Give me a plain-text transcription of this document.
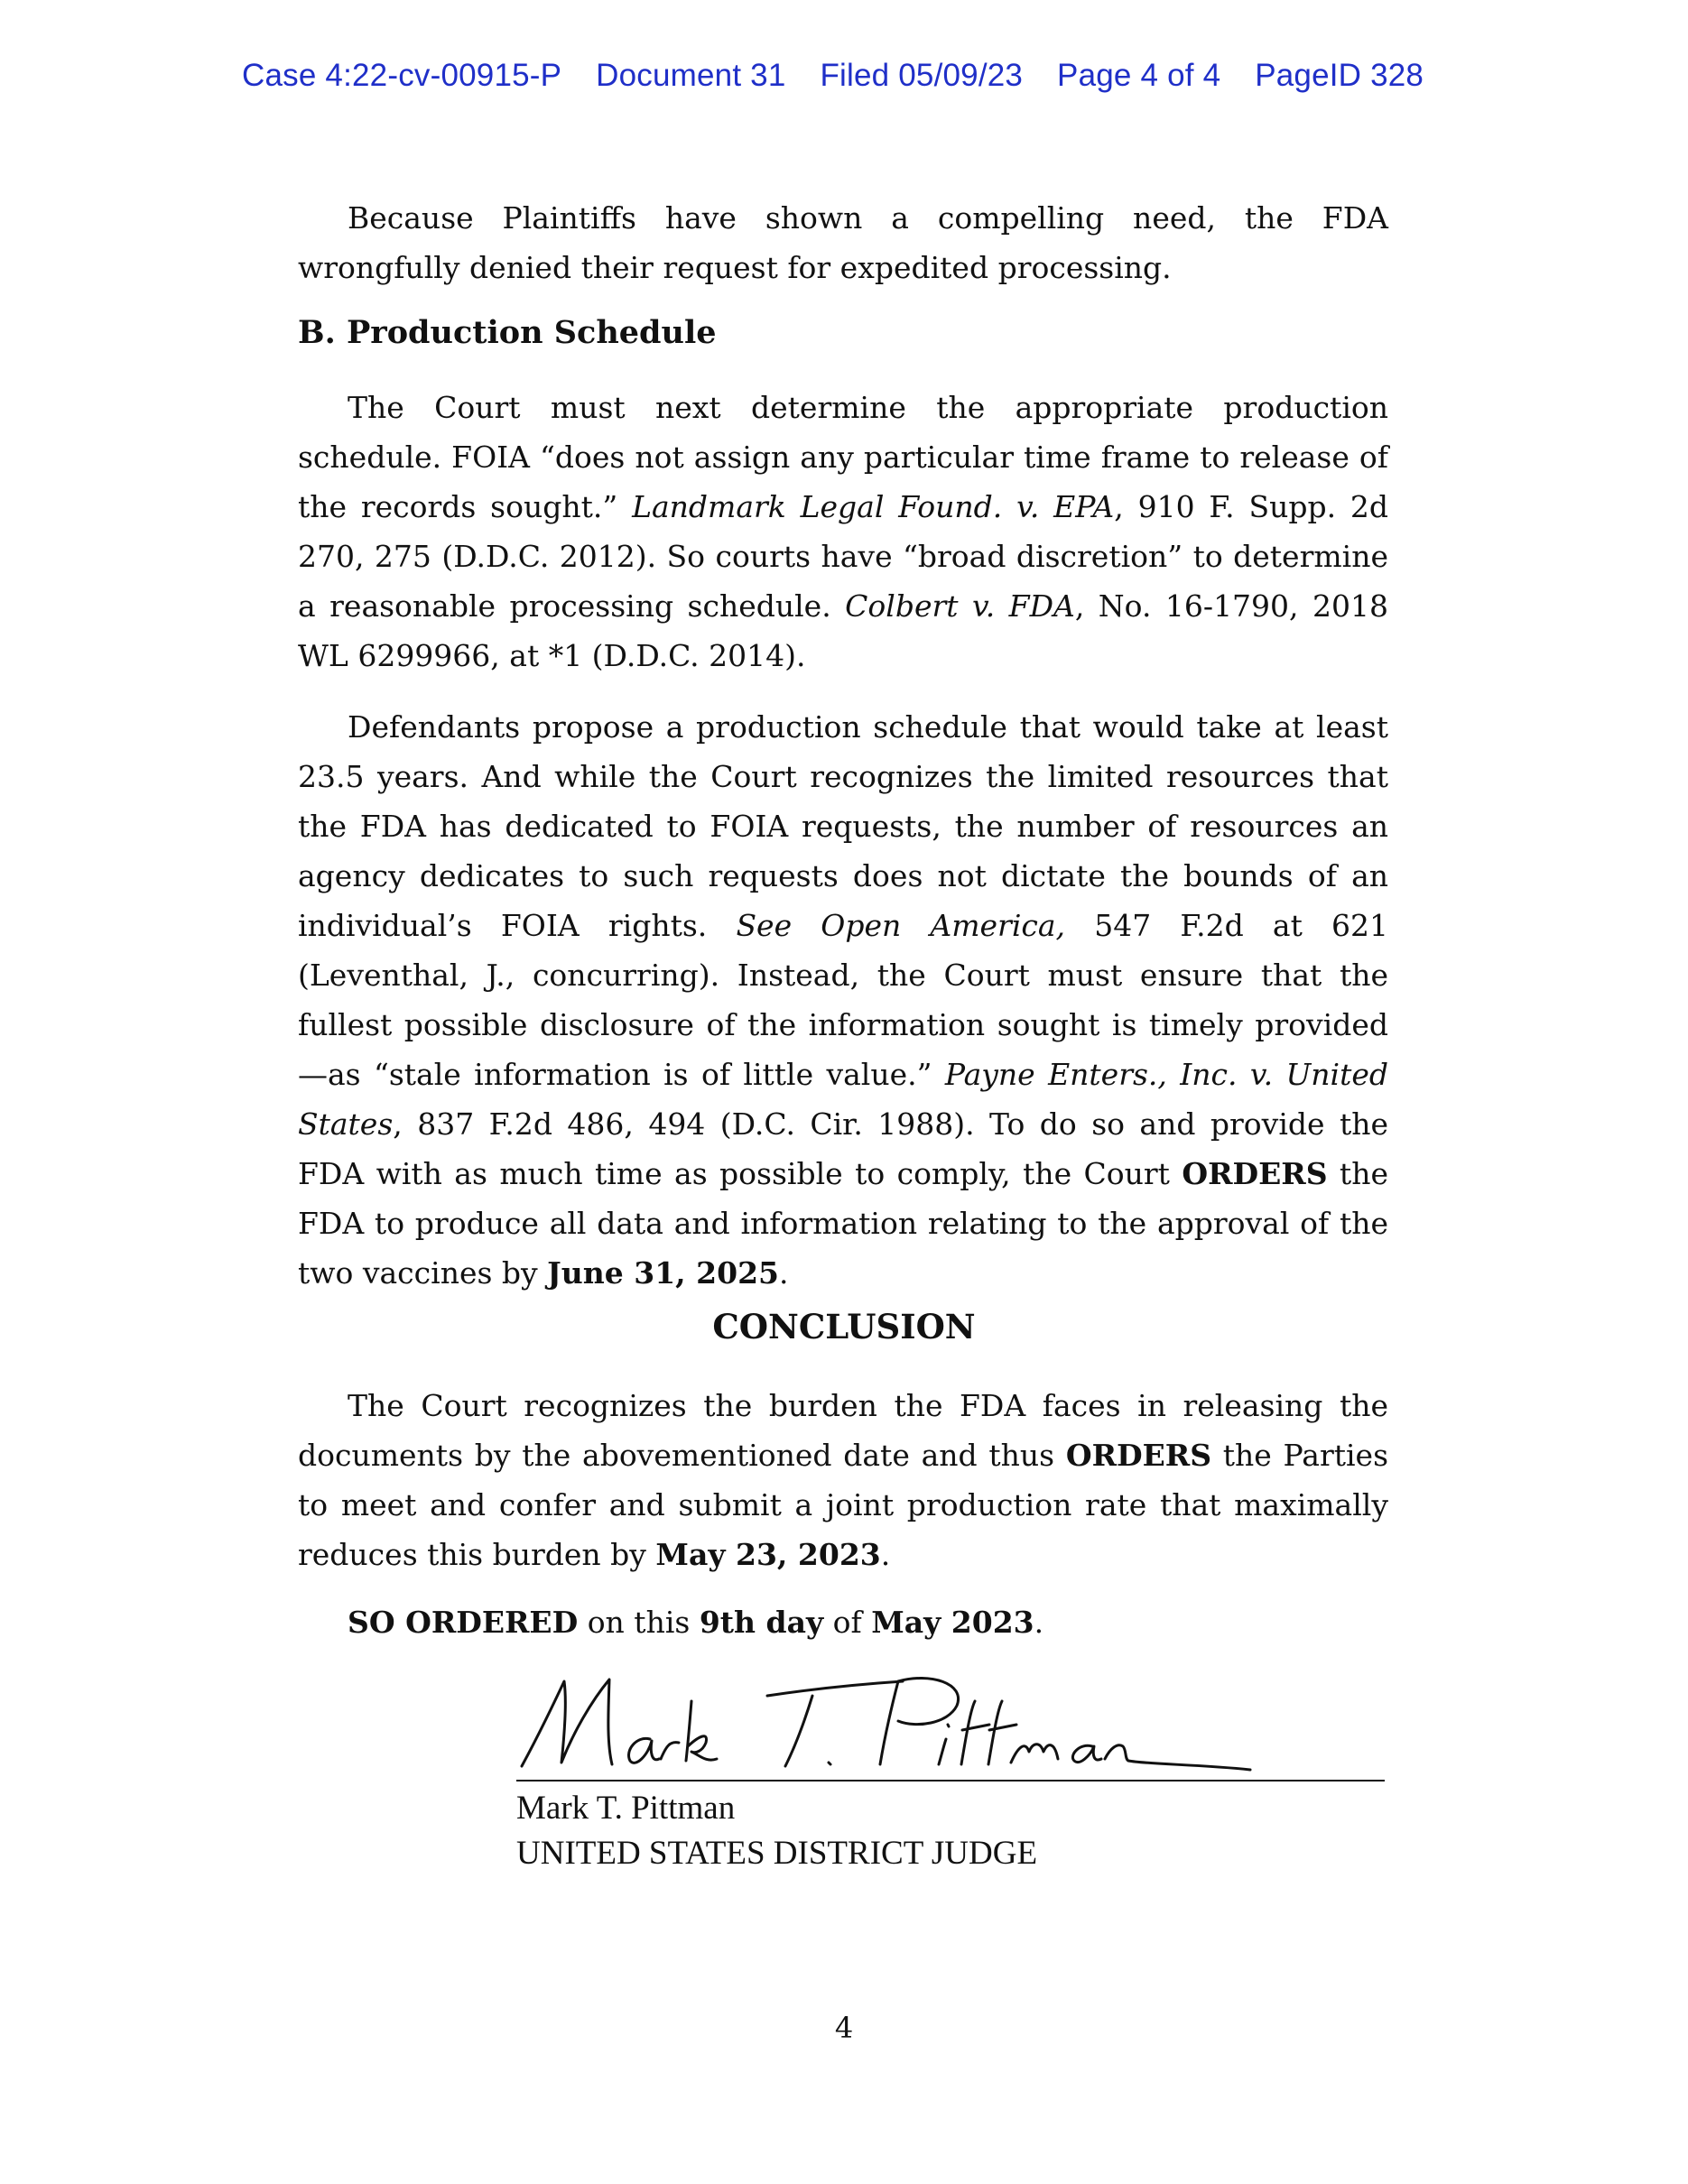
Case 4:22-cv-00915-P Document 31 Filed 05/09/23 Page 4 of 4 PageID 328

Because Plaintiffs have shown a compelling need, the FDA wrongfully denied their request for expedited processing.

B. Production Schedule

The Court must next determine the appropriate production schedule. FOIA “does not assign any particular time frame to release of the records sought.” Landmark Legal Found. v. EPA, 910 F. Supp. 2d 270, 275 (D.D.C. 2012). So courts have “broad discretion” to determine a reasonable processing schedule. Colbert v. FDA, No. 16-1790, 2018 WL 6299966, at *1 (D.D.C. 2014).

Defendants propose a production schedule that would take at least 23.5 years. And while the Court recognizes the limited resources that the FDA has dedicated to FOIA requests, the number of resources an agency dedicates to such requests does not dictate the bounds of an individual’s FOIA rights. See Open America, 547 F.2d at 621 (Leventhal, J., concurring). Instead, the Court must ensure that the fullest possible disclosure of the information sought is timely provided—as “stale information is of little value.” Payne Enters., Inc. v. United States, 837 F.2d 486, 494 (D.C. Cir. 1988). To do so and provide the FDA with as much time as possible to comply, the Court ORDERS the FDA to produce all data and information relating to the approval of the two vaccines by June 31, 2025.

CONCLUSION

The Court recognizes the burden the FDA faces in releasing the documents by the abovementioned date and thus ORDERS the Parties to meet and confer and submit a joint production rate that maximally reduces this burden by May 23, 2023.

SO ORDERED on this 9th day of May 2023.

Mark T. Pittman
UNITED STATES DISTRICT JUDGE
4
